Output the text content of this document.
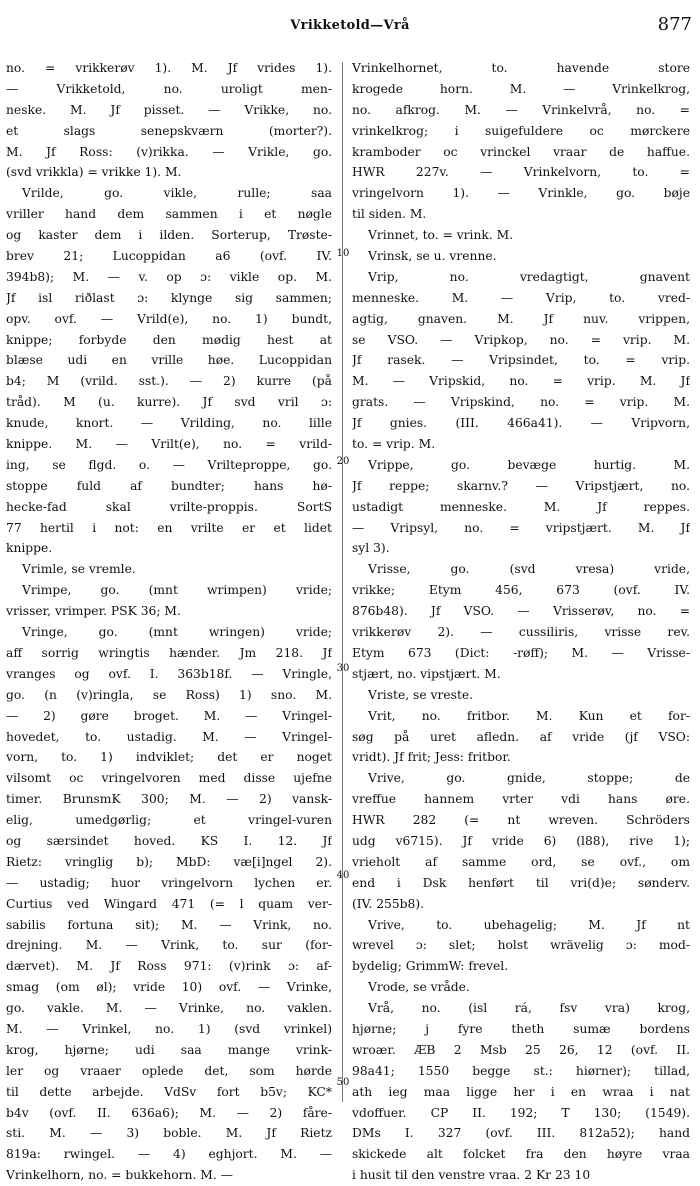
Vrikketold—Vrå	877
10
20
30
40
50
no. = vrikkerøv 1). M. Jf vrides 1).
— Vrikketold, no. uroligt men-
neske. M. Jf pisset. — Vrikke, no.
et slags senepskværn (morter?).
M. Jf Ross: (v)rikka. — Vrikle, go.
(svd vrikkla) = vrikke 1). M.
Vrilde, go. vikle, rulle; saa
vriller hand dem sammen i et nøgle
og kaster dem i ilden. Sorterup, Trøste-
brev 21; Lucoppidan a6 (ovf. IV.
394b8); M. — v. op ɔ: vikle op. M.
Jf isl riðlast ɔ: klynge sig sammen;
opv. ovf. — Vrild(e), no. 1) bundt,
knippe; forbyde den mødig hest at
blæse udi en vrille høe. Lucoppidan
b4; M (vrild. sst.). — 2) kurre (på
tråd). M (u. kurre). Jf svd vril ɔ:
knude, knort. — Vrilding, no. lille
knippe. M. — Vrilt(e), no. = vrild-
ing, se flgd. o. — Vrilteproppe, go.
stoppe fuld af bundter; hans hø-
hecke-fad skal vrilte-proppis. SortS
77 hertil i not: en vrilte er et lidet
knippe.
Vrimle, se vremle.
Vrimpe, go. (mnt wrimpen) vride;
vrisser, vrimper. PSK 36; M.
Vringe, go. (mnt wringen) vride;
aff sorrig wringtis hænder. Jm 218. Jf
vranges og ovf. I. 363b18f. — Vringle,
go. (n (v)ringla, se Ross) 1) sno. M.
— 2) gøre broget. M. — Vringel-
hovedet, to. ustadig. M. — Vringel-
vorn, to. 1) indviklet; det er noget
vilsomt oc vringelvoren med disse ujefne
timer. BrunsmK 300; M. — 2) vansk-
elig, umedgørlig; et vringel-vuren
og særsindet hoved. KS I. 12. Jf
Rietz: vringlig b); MbD: væ[i]ngel 2).
— ustadig; huor vringelvorn lychen er.
Curtius ved Wingard 471 (= l quam ver-
sabilis fortuna sit); M. — Vrink, no.
drejning. M. — Vrink, to. sur (for-
dærvet). M. Jf Ross 971: (v)rink ɔ: af-
smag (om øl); vride 10) ovf. — Vrinke,
go. vakle. M. — Vrinke, no. vaklen.
M. — Vrinkel, no. 1) (svd vrinkel)
krog, hjørne; udi saa mange vrink-
ler og vraaer oplede det, som hørde
til dette arbejde. VdSv fort b5v; KC*
b4v (ovf. II. 636a6); M. — 2) fåre-
sti. M. — 3) boble. M. Jf Rietz
819a: rwingel. — 4) eghjort. M. —
Vrinkelhorn, no. = bukkehorn. M. —
Vrinkelhornet, to. havende store
krogede horn. M. — Vrinkelkrog,
no. afkrog. M. — Vrinkelvrå, no. =
vrinkelkrog; i suigefuldere oc mørckere
kramboder oc vrinckel vraar de haffue.
HWR 227v. — Vrinkelvorn, to. =
vringelvorn 1). — Vrinkle, go. bøje
til siden. M.
Vrinnet, to. = vrink. M.
Vrinsk, se u. vrenne.
Vrip, no. vredagtigt, gnavent
menneske. M. — Vrip, to. vred-
agtig, gnaven. M. Jf nuv. vrippen,
se VSO. — Vripkop, no. = vrip. M.
Jf rasek. — Vripsindet, to. = vrip.
M. — Vripskid, no. = vrip. M. Jf
grats. — Vripskind, no. = vrip. M.
Jf gnies. (III. 466a41). — Vripvorn,
to. = vrip. M.
Vrippe, go. bevæge hurtig. M.
Jf reppe; skarnv.? — Vripstjært, no.
ustadigt menneske. M. Jf reppes.
— Vripsyl, no. = vripstjært. M. Jf
syl 3).
Vrisse, go. (svd vresa) vride,
vrikke; Etym 456, 673 (ovf. IV.
876b48). Jf VSO. — Vrisserøv, no. =
vrikkerøv 2). — cussiliris, vrisse rev.
Etym 673 (Dict: -røff); M. — Vrisse-
stjært, no. vipstjært. M.
Vriste, se vreste.
Vrit, no. fritbor. M. Kun et for-
søg på uret afledn. af vride (jf VSO:
vridt). Jf frit; Jess: fritbor.
Vrive, go. gnide, stoppe; de
vreffue hannem vrter vdi hans øre.
HWR 282 (= nt wreven. Schröders
udg v6715). Jf vride 6) (l88), rive 1);
vrieholt af samme ord, se ovf., om
end i Dsk henført til vri(d)e; sønderv.
(IV. 255b8).
Vrive, to. ubehagelig; M. Jf nt
wrevel ɔ: slet; holst wrävelig ɔ: mod-
bydelig; GrimmW: frevel.
Vrode, se vråde.
Vrå, no. (isl rá, fsv vra) krog,
hjørne; j fyre theth sumæ bordens
wroær. ÆB 2 Msb 25 26, 12 (ovf. II.
98a41; 1550 begge st.: hiørner); tillad,
ath ieg maa ligge her i en wraa i nat
vdoffuer. CP II. 192; T 130; (1549).
DMs I. 327 (ovf. III. 812a52); hand
skickede alt folcket fra den høyre vraa
i husit til den venstre vraa. 2 Kr 23 10
